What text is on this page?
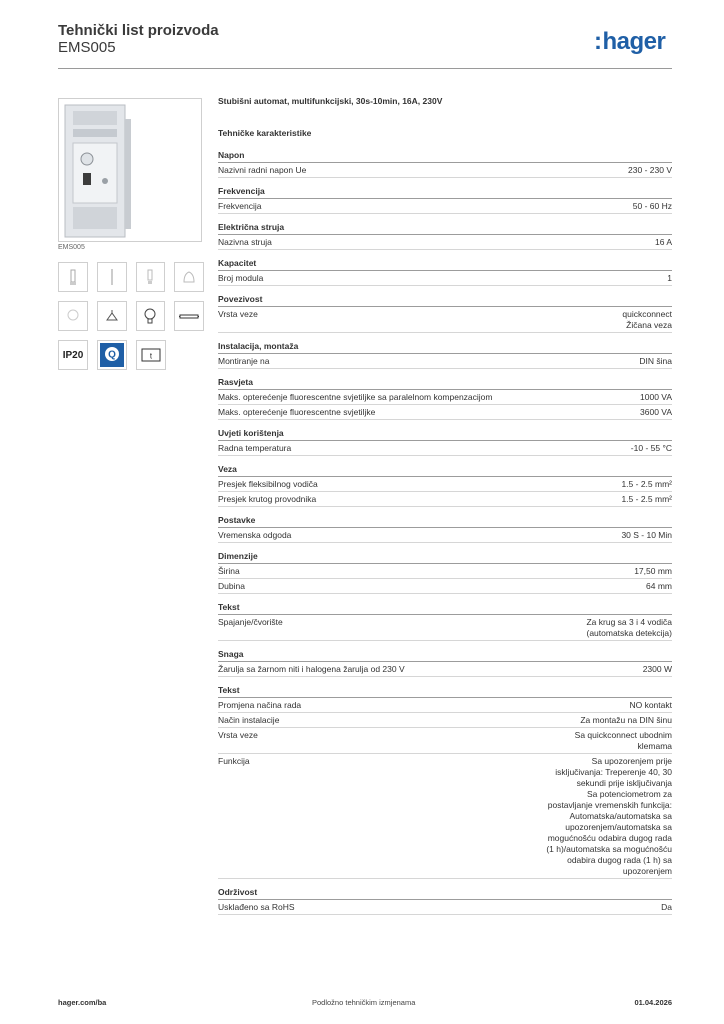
Tehnički list proizvoda
EMS005	:hager
EMS005
IP20	Q	t
Stubišni automat, multifunkcijski, 30s-10min, 16A, 230V
Tehničke karakteristike
Napon
Nazivni radni napon Ue	230 - 230 V
Frekvencija
Frekvencija	50 - 60 Hz
Električna struja
Nazivna struja	16 A
Kapacitet
Broj modula	1
Povezivost
Vrsta veze	quickconnect
Žičana veza
Instalacija, montaža
Montiranje na	DIN šina
Rasvjeta
Maks. opterećenje fluorescentne svjetiljke sa paralelnom kompenzacijom	1000 VA
Maks. opterećenje fluorescentne svjetiljke	3600 VA
Uvjeti korištenja
Radna temperatura	-10 - 55 °C
Veza
Presjek fleksibilnog vodiča	1.5 - 2.5 mm²
Presjek krutog provodnika	1.5 - 2.5 mm²
Postavke
Vremenska odgoda	30 S - 10 Min
Dimenzije
Širina	17,50 mm
Dubina	64 mm
Tekst
Spajanje/čvorište	Za krug sa 3 i 4 vodiča
(automatska detekcija)
Snaga
Žarulja sa žarnom niti i halogena žarulja od 230 V	2300 W
Tekst
Promjena načina rada	NO kontakt
Način instalacije	Za montažu na DIN šinu
Vrsta veze	Sa quickconnect ubodnim
klemama
Funkcija	Sa upozorenjem prije
isključivanja: Treperenje 40, 30
sekundi prije isključivanja
Sa potenciometrom za
postavljanje vremenskih funkcija:
Automatska/automatska sa
upozorenjem/automatska sa
mogućnošću odabira dugog rada
(1 h)/automatska sa mogućnošću
odabira dugog rada (1 h) sa
upozorenjem
Održivost
Usklađeno sa RoHS	Da
hager.com/ba	Podložno tehničkim izmjenama	01.04.2026
